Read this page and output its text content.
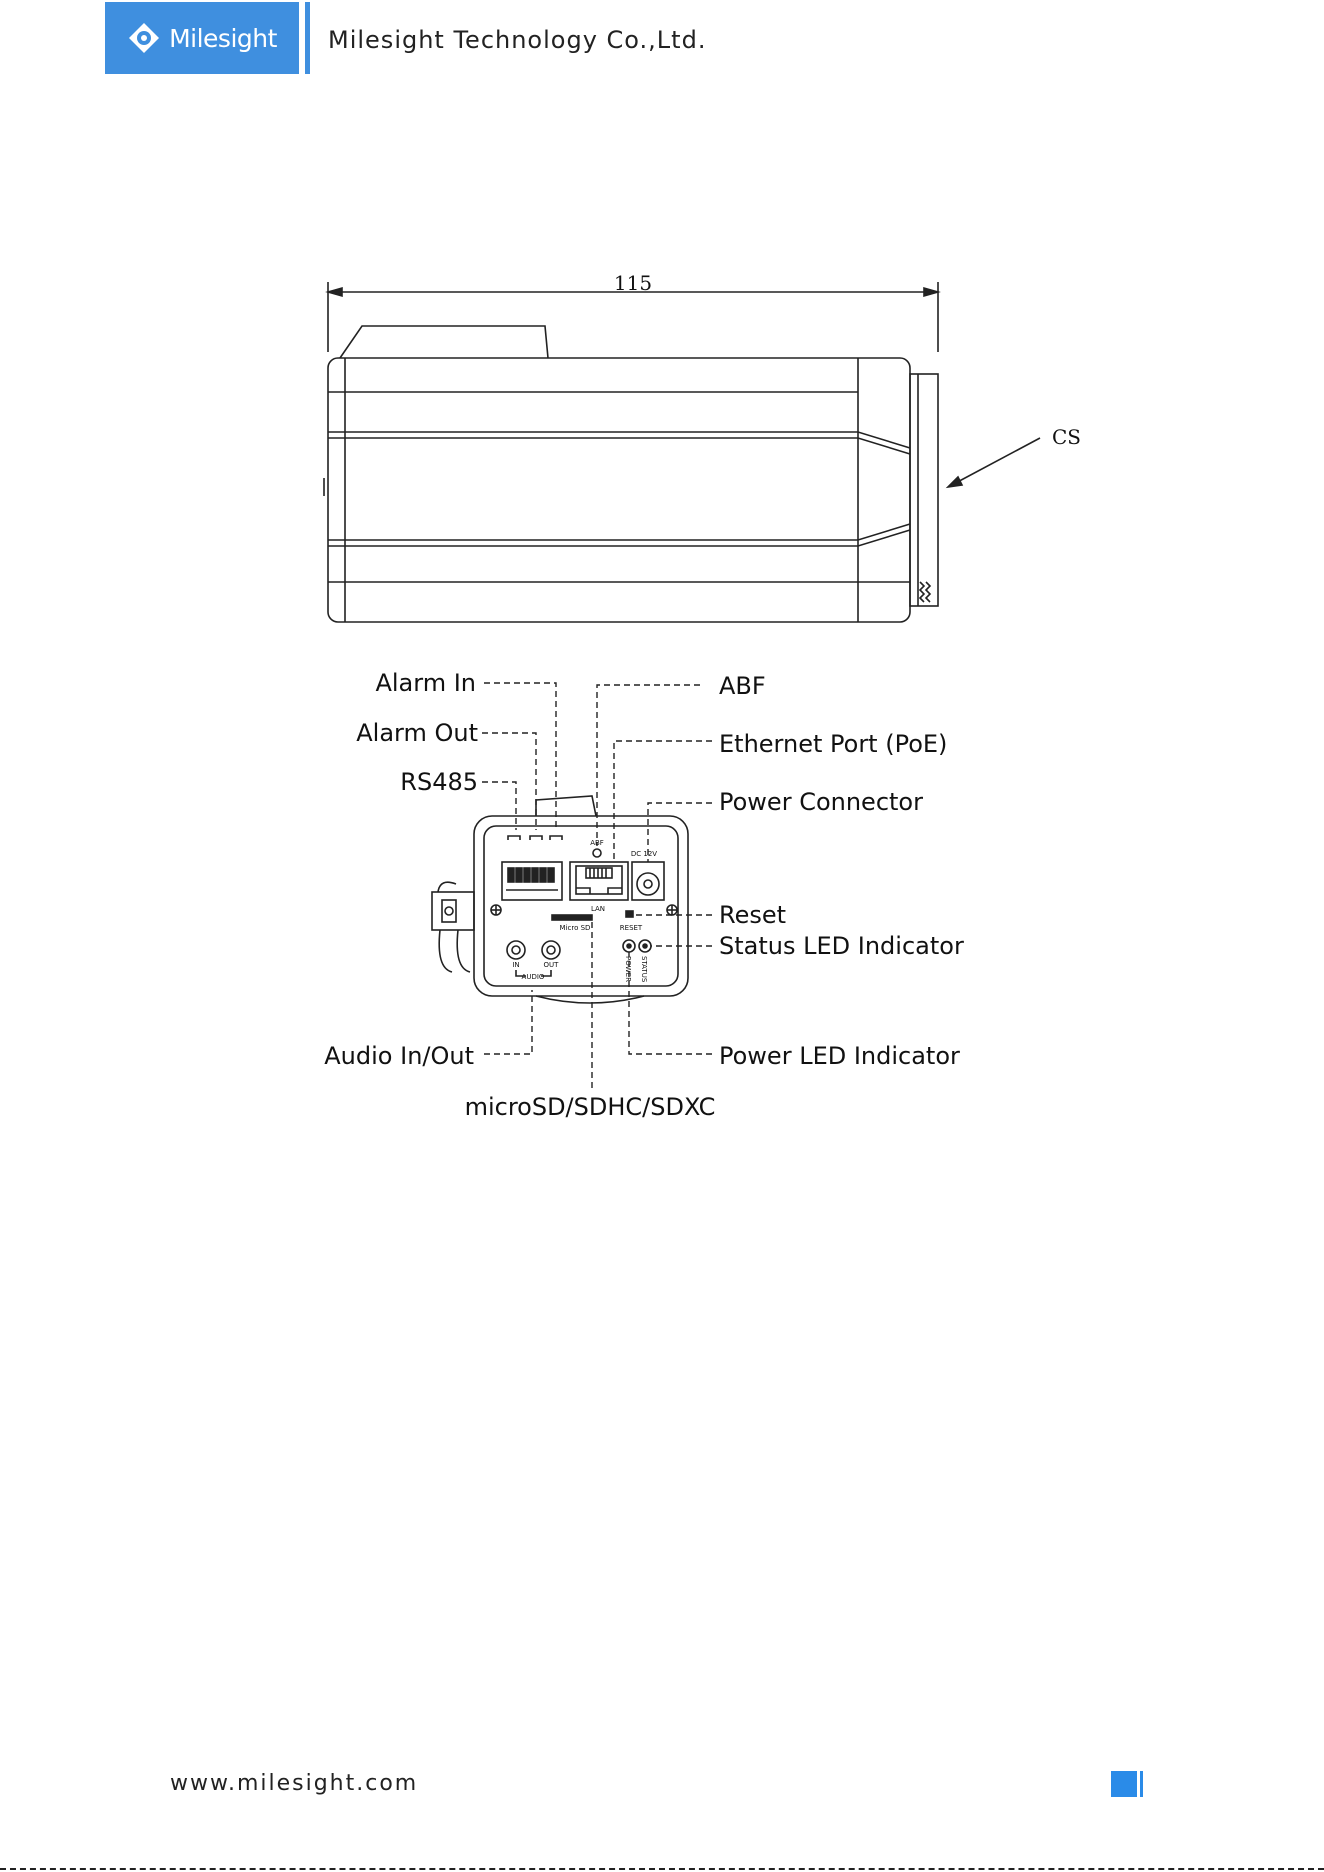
Milesight Milesight Technology Co.,Ltd.
115
CS
Alarm In
Alarm Out
RS485
ABF
Ethernet Port (PoE)
Power Connector
Reset
Status LED Indicator
Audio In/Out	Power LED Indicator
microSD/SDHC/SDXC
ABF
DC 12V
LAN
Micro SD	RESET
IN	OUT
AUDIO	POWER STATUS
www.milesight.com
